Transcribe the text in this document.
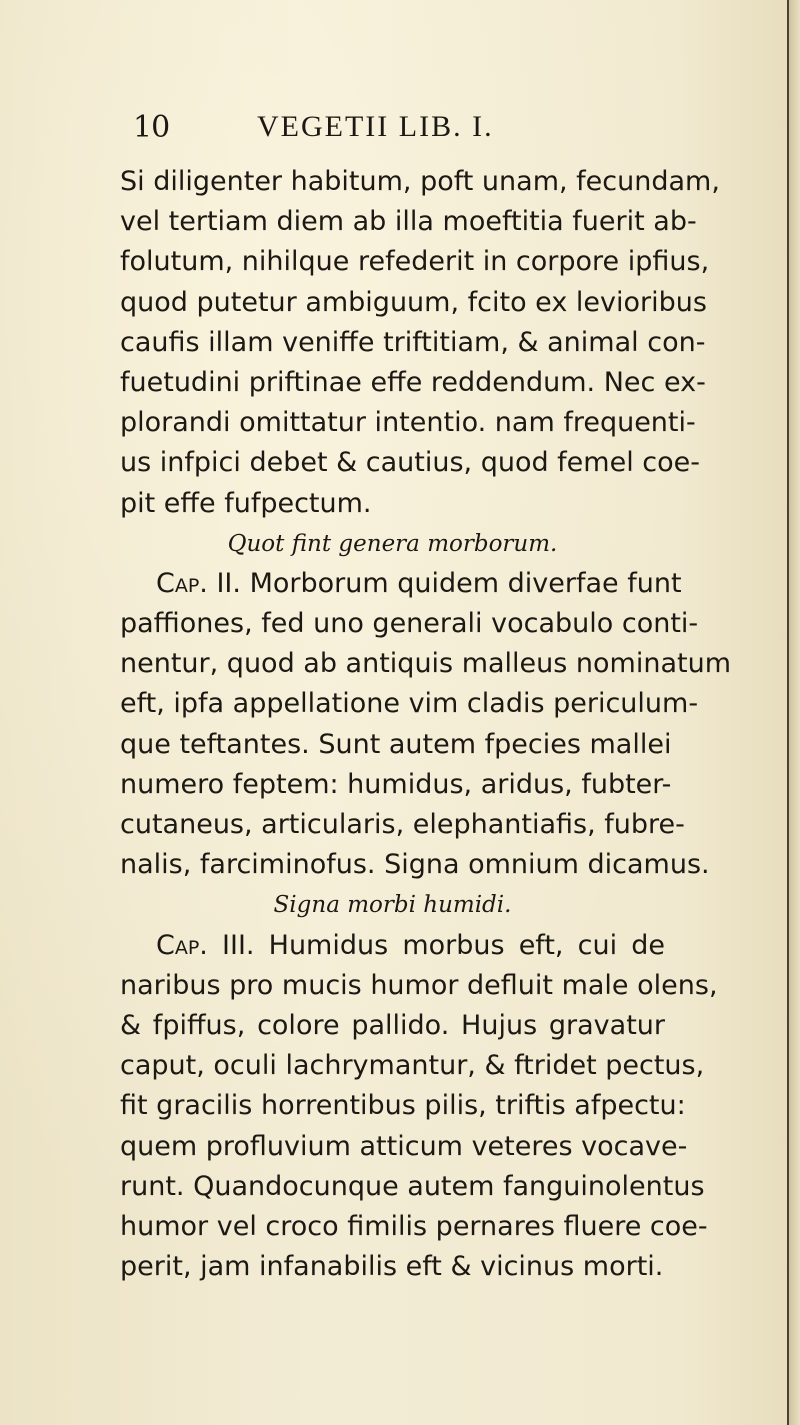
10	VEGETII LIB. I.
Si diligenter habitum, poft unam, fecundam,
vel tertiam diem ab illa moeftitia fuerit ab-
folutum, nihilque refederit in corpore ipfius,
quod putetur ambiguum, fcito ex levioribus
caufis illam veniffe triftitiam, & animal con-
fuetudini priftinae effe reddendum. Nec ex-
plorandi omittatur intentio. nam frequenti-
us infpici debet & cautius, quod femel coe-
pit effe fufpectum.
Quot fint genera morborum.
Cap. II. Morborum quidem diverfae funt
paffiones, fed uno generali vocabulo conti-
nentur, quod ab antiquis malleus nominatum
eft, ipfa appellatione vim cladis periculum-
que teftantes. Sunt autem fpecies mallei
numero feptem: humidus, aridus, fubter-
cutaneus, articularis, elephantiafis, fubre-
nalis, farciminofus. Signa omnium dicamus.
Signa morbi humidi.
Cap. III. Humidus morbus eft, cui de
naribus pro mucis humor defluit male olens,
& fpiffus, colore pallido. Hujus gravatur
caput, oculi lachrymantur, & ftridet pectus,
fit gracilis horrentibus pilis, triftis afpectu:
quem profluvium atticum veteres vocave-
runt. Quandocunque autem fanguinolentus
humor vel croco fimilis pernares fluere coe-
perit, jam infanabilis eft & vicinus morti.
